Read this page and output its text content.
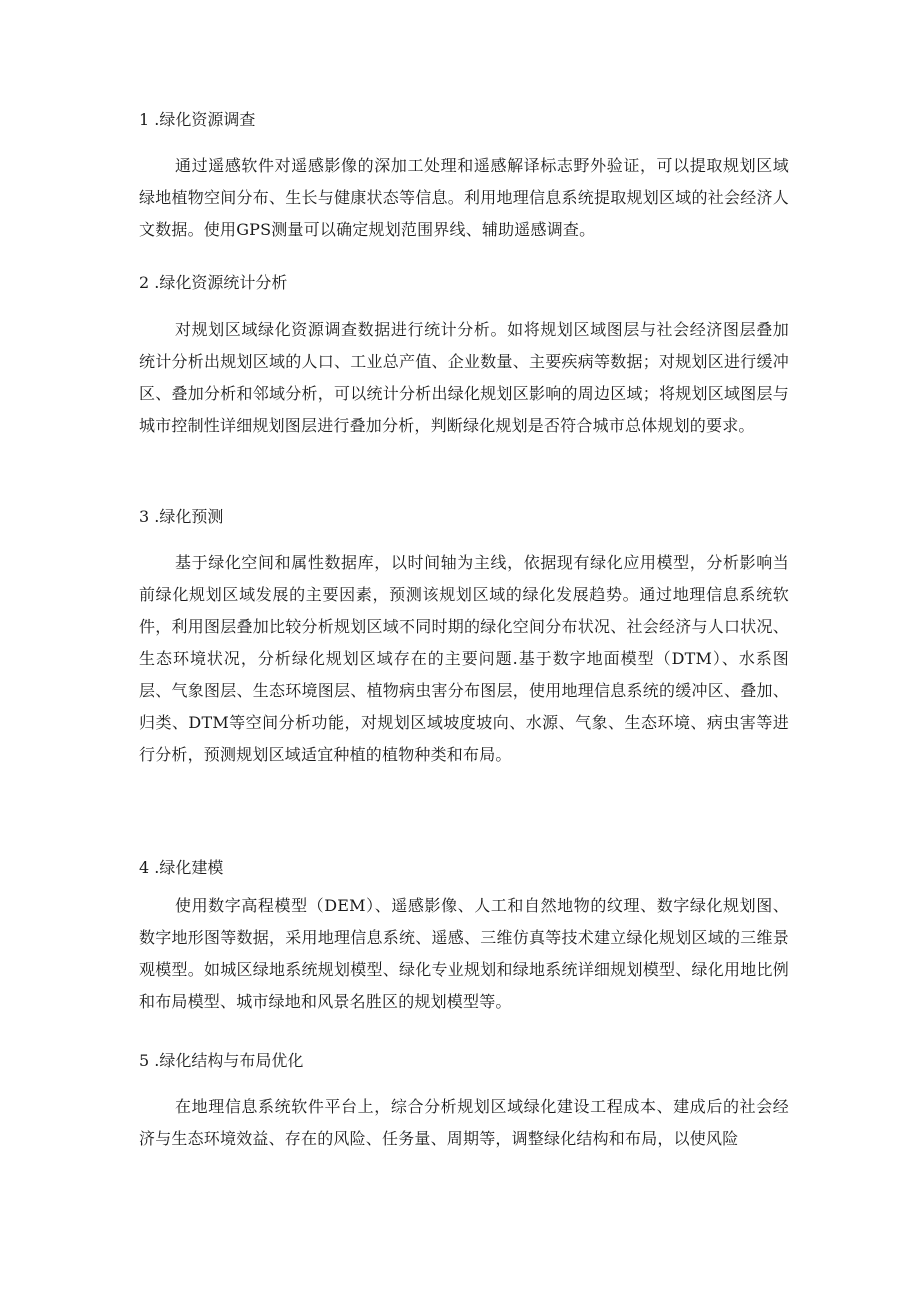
1 .绿化资源调查
通过遥感软件对遥感影像的深加工处理和遥感解译标志野外验证，可以提取规划区域绿地植物空间分布、生长与健康状态等信息。利用地理信息系统提取规划区域的社会经济人文数据。使用GPS测量可以确定规划范围界线、辅助遥感调查。
2 .绿化资源统计分析
对规划区域绿化资源调查数据进行统计分析。如将规划区域图层与社会经济图层叠加统计分析出规划区域的人口、工业总产值、企业数量、主要疾病等数据；对规划区进行缓冲区、叠加分析和邻域分析，可以统计分析出绿化规划区影响的周边区域；将规划区域图层与城市控制性详细规划图层进行叠加分析，判断绿化规划是否符合城市总体规划的要求。
3 .绿化预测
基于绿化空间和属性数据库，以时间轴为主线，依据现有绿化应用模型，分析影响当前绿化规划区域发展的主要因素，预测该规划区域的绿化发展趋势。通过地理信息系统软件，利用图层叠加比较分析规划区域不同时期的绿化空间分布状况、社会经济与人口状况、生态环境状况，分析绿化规划区域存在的主要问题.基于数字地面模型（DTM）、水系图层、气象图层、生态环境图层、植物病虫害分布图层，使用地理信息系统的缓冲区、叠加、归类、DTM等空间分析功能，对规划区域坡度坡向、水源、气象、生态环境、病虫害等进行分析，预测规划区域适宜种植的植物种类和布局。
4 .绿化建模
使用数字高程模型（DEM）、遥感影像、人工和自然地物的纹理、数字绿化规划图、数字地形图等数据，采用地理信息系统、遥感、三维仿真等技术建立绿化规划区域的三维景观模型。如城区绿地系统规划模型、绿化专业规划和绿地系统详细规划模型、绿化用地比例和布局模型、城市绿地和风景名胜区的规划模型等。
5 .绿化结构与布局优化
在地理信息系统软件平台上，综合分析规划区域绿化建设工程成本、建成后的社会经济与生态环境效益、存在的风险、任务量、周期等，调整绿化结构和布局，以使风险
